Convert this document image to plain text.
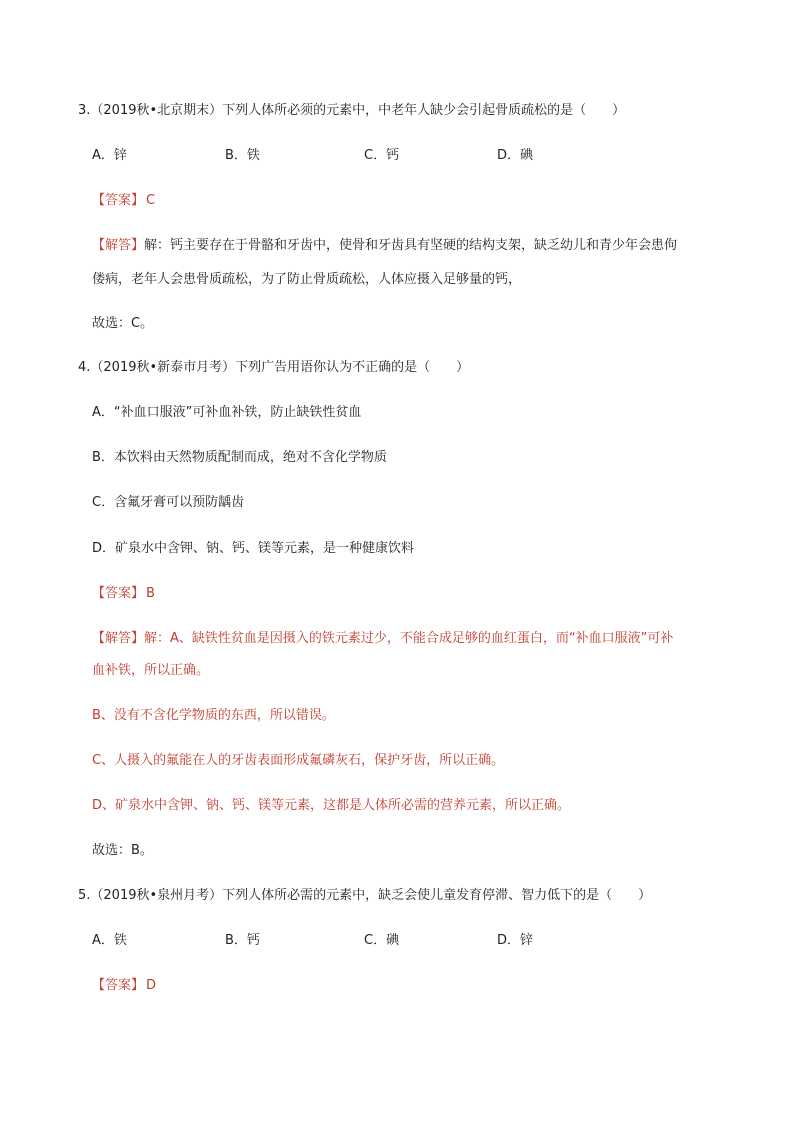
3.（2019秋•北京期末）下列人体所必须的元素中，中老年人缺少会引起骨质疏松的是（　　）
A．锌	B．铁	C．钙	D．碘
【答案】 C
【解答】解：钙主要存在于骨骼和牙齿中，使骨和牙齿具有坚硬的结构支架，缺乏幼儿和青少年会患佝
偻病，老年人会患骨质疏松，为了防止骨质疏松，人体应摄入足够量的钙，
故选：C。
4.（2019秋•新泰市月考）下列广告用语你认为不正确的是（　　）
A．“补血口服液”可补血补铁，防止缺铁性贫血
B．本饮料由天然物质配制而成，绝对不含化学物质
C．含氟牙膏可以预防龋齿
D．矿泉水中含钾、钠、钙、镁等元素，是一种健康饮料
【答案】 B
【解答】解：A、缺铁性贫血是因摄入的铁元素过少，不能合成足够的血红蛋白，而“补血口服液”可补
血补铁，所以正确。
B、没有不含化学物质的东西，所以错误。
C、人摄入的氟能在人的牙齿表面形成氟磷灰石，保护牙齿，所以正确。
D、矿泉水中含钾、钠、钙、镁等元素，这都是人体所必需的营养元素，所以正确。
故选：B。
5.（2019秋•泉州月考）下列人体所必需的元素中，缺乏会使儿童发育停滞、智力低下的是（　　）
A．铁	B．钙	C．碘	D．锌
【答案】 D
